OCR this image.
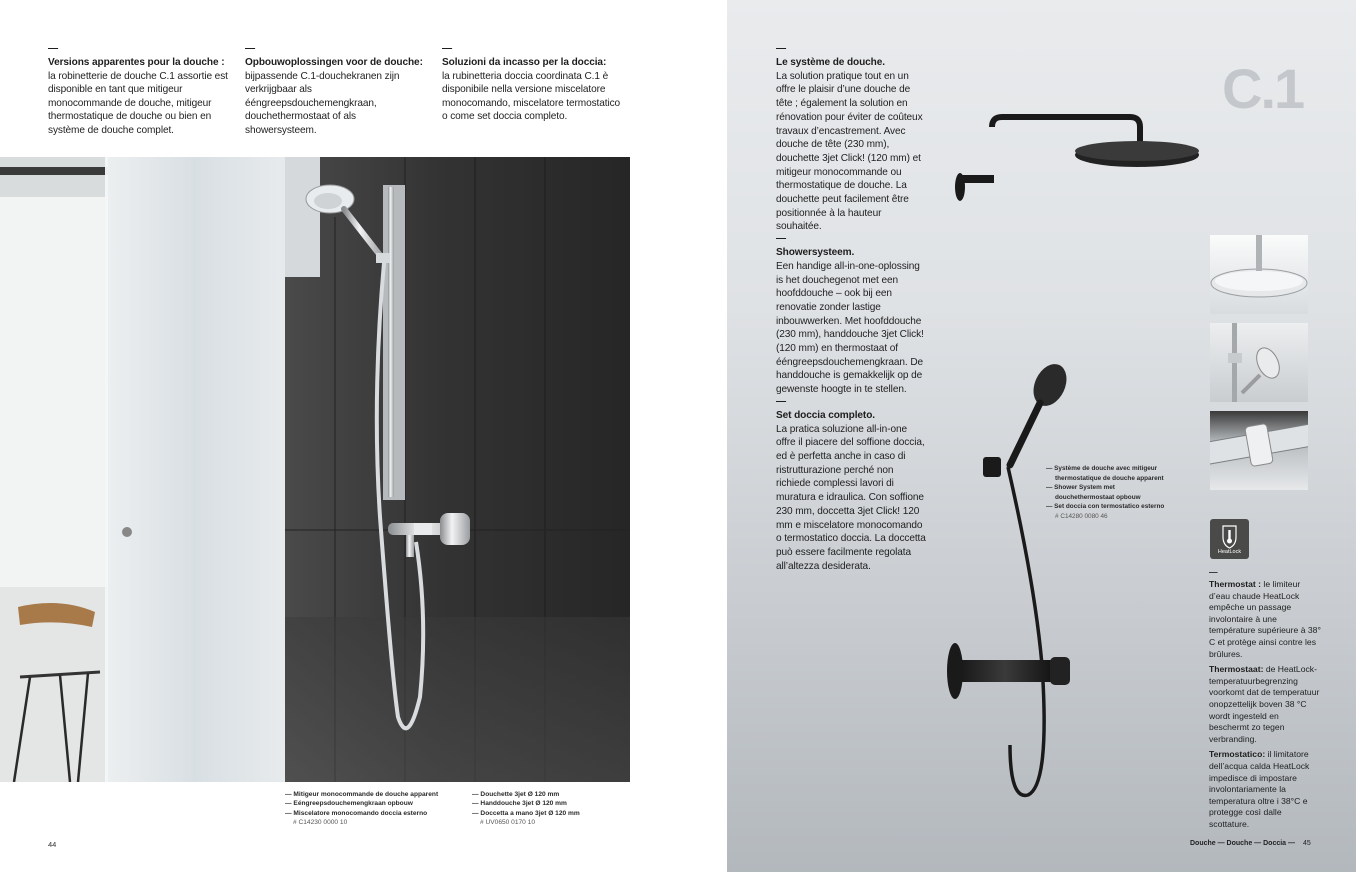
—
Versions apparentes pour la douche :
la robinetterie de douche C.1 assortie est disponible en tant que mitigeur monocommande de douche, mitigeur thermostatique de douche ou bien en système de douche complet.
—
Opbouwoplossingen voor de douche:
bijpassende C.1-douchekranen zijn verkrijgbaar als ééngreepsdouchemengkraan, douchethermostaat of als showersysteem.
—
Soluzioni da incasso per la doccia:
la rubinetteria doccia coordinata C.1 è disponibile nella versione miscelatore monocomando, miscelatore termostatico o come set doccia completo.
— Mitigeur monocommande de douche apparent
— Eéngreepsdouchemengkraan opbouw
— Miscelatore monocomando doccia esterno
# C14230 0000 10
— Douchette 3jet Ø 120 mm
— Handdouche 3jet Ø 120 mm
— Doccetta a mano 3jet Ø 120 mm
# UV0650 0170 10
44
HeatLock
Douche — Douche — Doccia — 45

—
Le système de douche.
La solution pratique tout en un offre le plaisir d’une douche de tête ; également la solution en rénovation pour éviter de coûteux travaux d’encastrement. Avec douche de tête (230 mm), douchette 3jet Click! (120 mm) et mitigeur monocommande ou thermostatique de douche. La douchette peut facilement être positionnée à la hauteur souhaitée.

—
Showersysteem.
Een handige all-in-one-oplossing is het douchegenot met een hoofddouche – ook bij een renovatie zonder lastige inbouwwerken. Met hoofddouche (230 mm), handdouche 3jet Click! (120 mm) en thermostaat of ééngreepsdouchemengkraan. De handdouche is gemakkelijk op de gewenste hoogte in te stellen.

—
Set doccia completo.
La pratica soluzione all-in-one offre il piacere del soffione doccia, ed è perfetta anche in caso di ristrutturazione perché non richiede complessi lavori di muratura e idraulica. Con soffione 230 mm, doccetta 3jet Click! 120 mm e miscelatore monocomando o termostatico doccia. La doccetta può essere facilmente regolata all’altezza desiderata.

C.1
— Système de douche avec mitigeur
thermostatique de douche apparent
— Shower System met
douchethermostaat opbouw
— Set doccia con termostatico esterno
# C14280 0080 46
—

Thermostat : le limiteur d’eau chaude HeatLock empêche un passage involontaire à une température supérieure à 38° C et protège ainsi contre les brûlures.

Thermostaat: de HeatLock-temperatuurbegrenzing voorkomt dat de temperatuur onopzettelijk boven 38 °C wordt ingesteld en beschermt zo tegen verbranding.

Termostatico: il limitatore dell’acqua calda HeatLock impedisce di impostare involontariamente la temperatura oltre i 38°C e protegge così dalle scottature.
